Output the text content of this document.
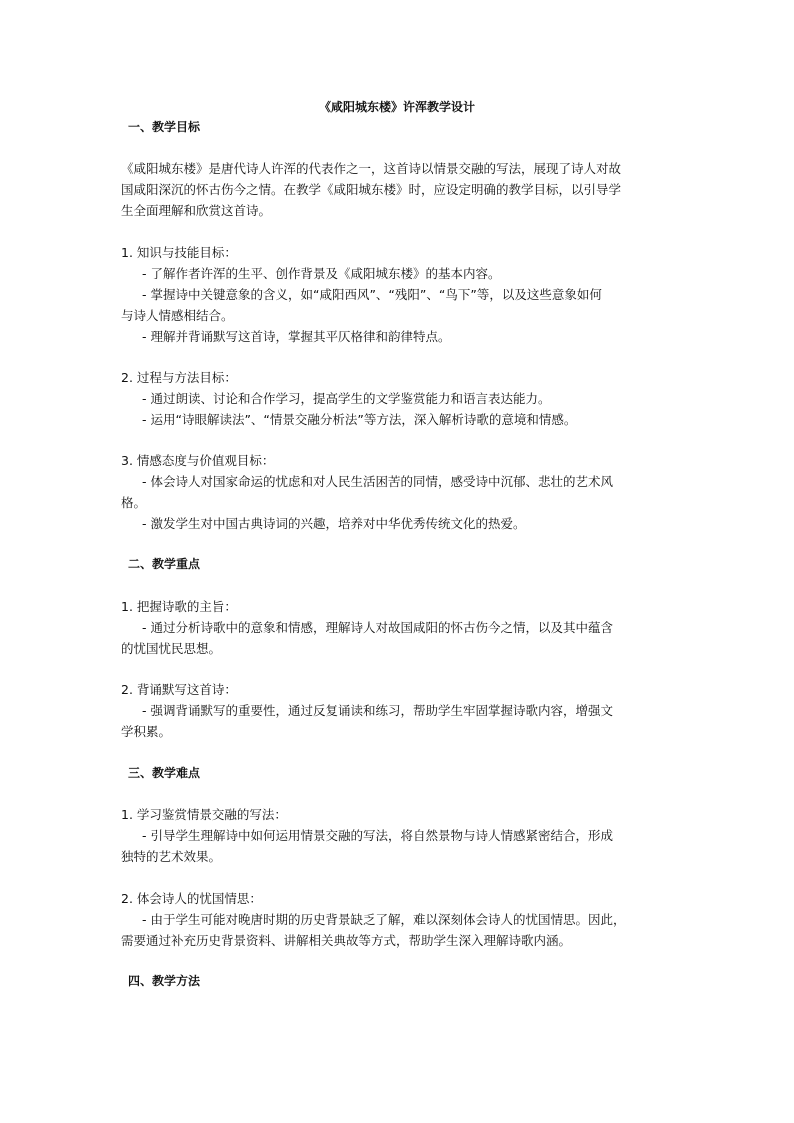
《咸阳城东楼》许浑教学设计
一、教学目标
《咸阳城东楼》是唐代诗人许浑的代表作之一，这首诗以情景交融的写法，展现了诗人对故
国咸阳深沉的怀古伤今之情。在教学《咸阳城东楼》时，应设定明确的教学目标，以引导学
生全面理解和欣赏这首诗。
1. 知识与技能目标：
- 了解作者许浑的生平、创作背景及《咸阳城东楼》的基本内容。
- 掌握诗中关键意象的含义，如“咸阳西风”、“残阳”、“鸟下”等，以及这些意象如何
与诗人情感相结合。
- 理解并背诵默写这首诗，掌握其平仄格律和韵律特点。
2. 过程与方法目标：
- 通过朗读、讨论和合作学习，提高学生的文学鉴赏能力和语言表达能力。
- 运用“诗眼解读法”、“情景交融分析法”等方法，深入解析诗歌的意境和情感。
3. 情感态度与价值观目标：
- 体会诗人对国家命运的忧虑和对人民生活困苦的同情，感受诗中沉郁、悲壮的艺术风
格。
- 激发学生对中国古典诗词的兴趣，培养对中华优秀传统文化的热爱。
二、教学重点
1. 把握诗歌的主旨：
- 通过分析诗歌中的意象和情感，理解诗人对故国咸阳的怀古伤今之情，以及其中蕴含
的忧国忧民思想。
2. 背诵默写这首诗：
- 强调背诵默写的重要性，通过反复诵读和练习，帮助学生牢固掌握诗歌内容，增强文
学积累。
三、教学难点
1. 学习鉴赏情景交融的写法：
- 引导学生理解诗中如何运用情景交融的写法，将自然景物与诗人情感紧密结合，形成
独特的艺术效果。
2. 体会诗人的忧国情思：
- 由于学生可能对晚唐时期的历史背景缺乏了解，难以深刻体会诗人的忧国情思。因此，
需要通过补充历史背景资料、讲解相关典故等方式，帮助学生深入理解诗歌内涵。
四、教学方法
